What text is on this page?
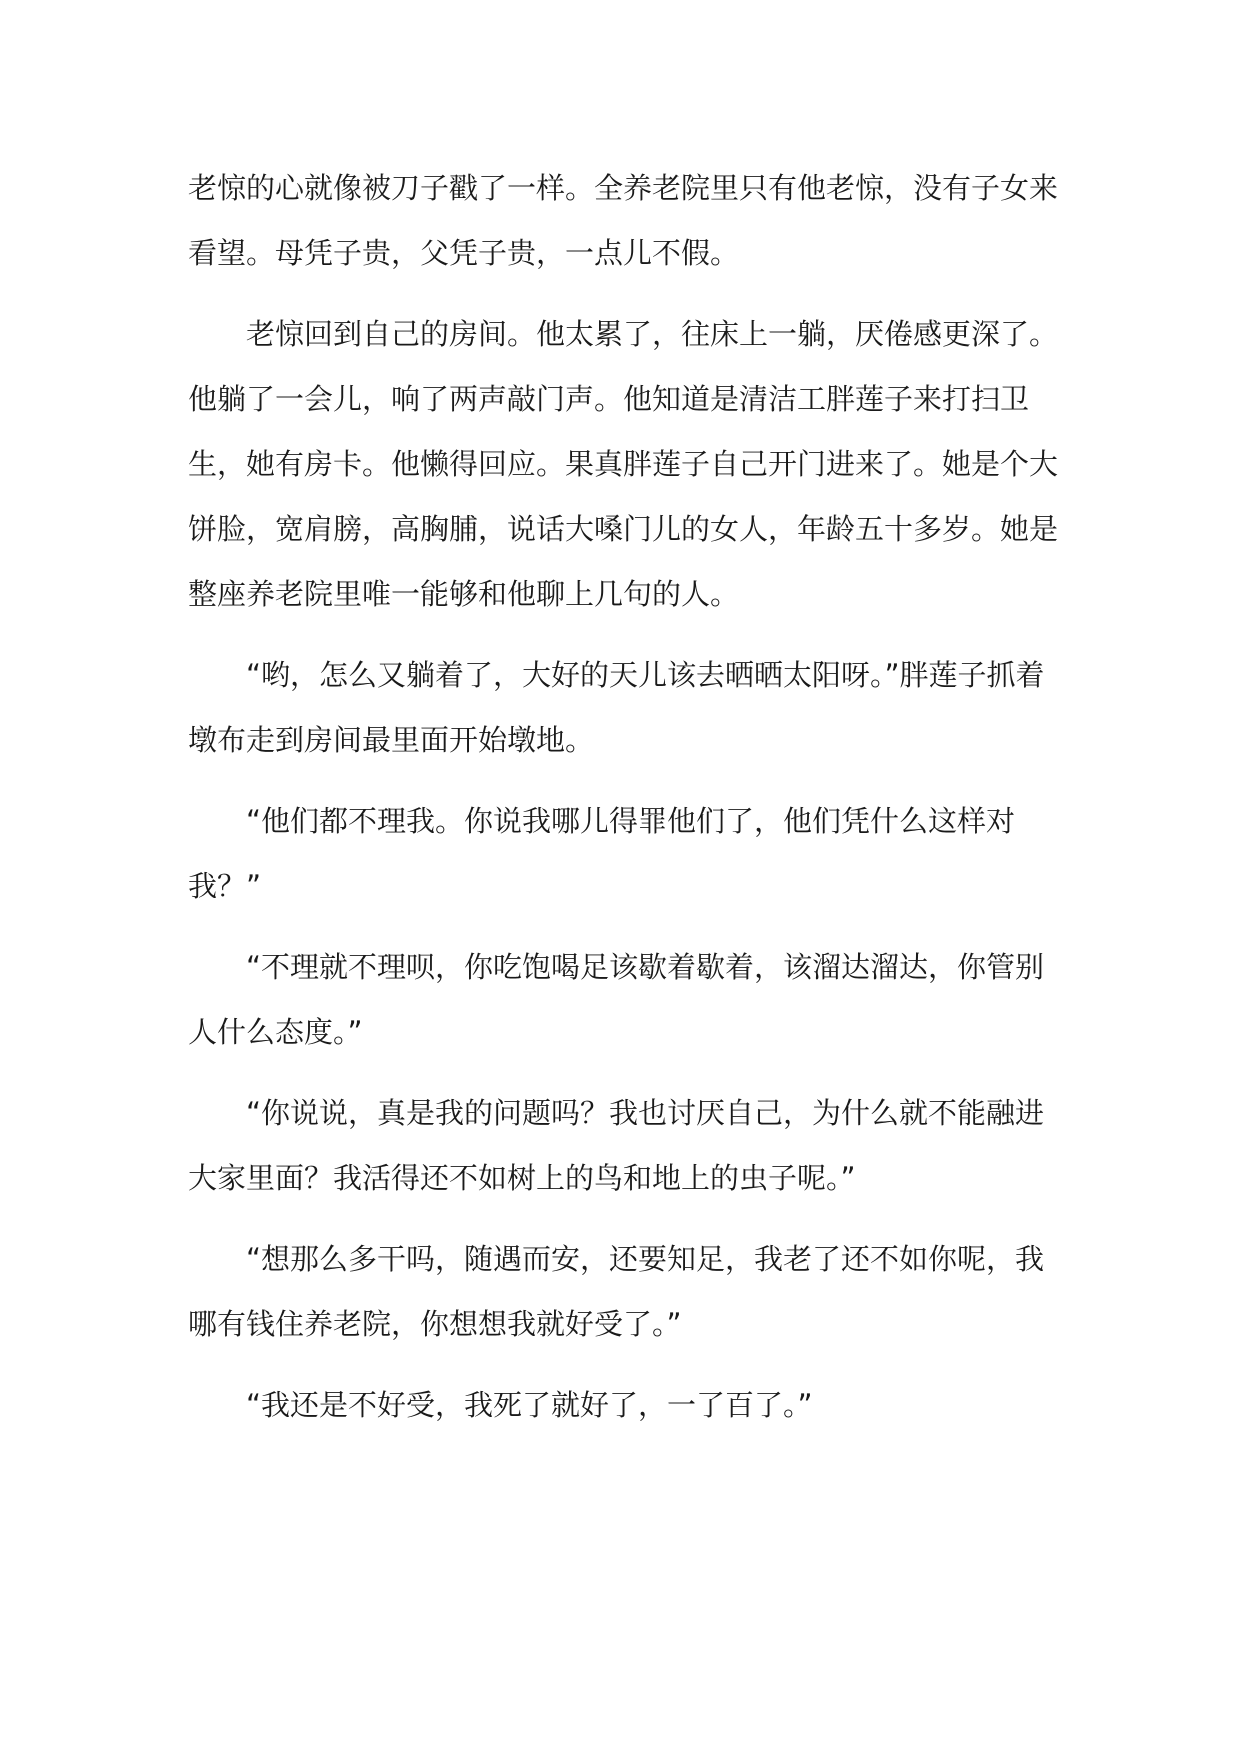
老惊的心就像被刀子戳了一样。全养老院里只有他老惊，没有子女来看望。母凭子贵，父凭子贵，一点儿不假。

老惊回到自己的房间。他太累了，往床上一躺，厌倦感更深了。他躺了一会儿，响了两声敲门声。他知道是清洁工胖莲子来打扫卫生，她有房卡。他懒得回应。果真胖莲子自己开门进来了。她是个大饼脸，宽肩膀，高胸脯，说话大嗓门儿的女人，年龄五十多岁。她是整座养老院里唯一能够和他聊上几句的人。

“哟，怎么又躺着了，大好的天儿该去晒晒太阳呀。”胖莲子抓着墩布走到房间最里面开始墩地。

“他们都不理我。你说我哪儿得罪他们了，他们凭什么这样对我？”

“不理就不理呗，你吃饱喝足该歇着歇着，该溜达溜达，你管别人什么态度。”

“你说说，真是我的问题吗？我也讨厌自己，为什么就不能融进大家里面？我活得还不如树上的鸟和地上的虫子呢。”

“想那么多干吗，随遇而安，还要知足，我老了还不如你呢，我哪有钱住养老院，你想想我就好受了。”

“我还是不好受，我死了就好了，一了百了。”
